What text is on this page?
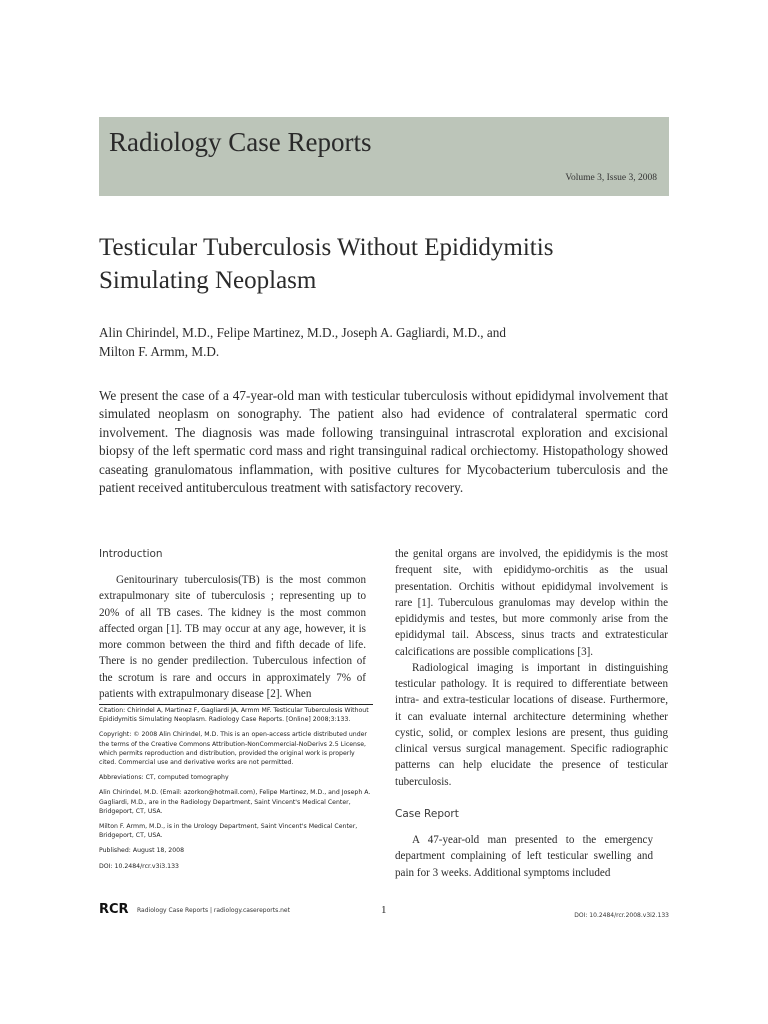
Radiology Case Reports
Volume 3, Issue 3, 2008
Testicular Tuberculosis Without Epididymitis
Simulating Neoplasm
Alin Chirindel, M.D., Felipe Martinez, M.D., Joseph A. Gagliardi, M.D., and
Milton F. Armm, M.D.
We present the case of a 47-year-old man with testicular tuberculosis without epididymal involvement that simulated neoplasm on sonography. The patient also had evidence of contralateral spermatic cord involvement. The diagnosis was made following transinguinal intrascrotal exploration and excisional biopsy of the left spermatic cord mass and right transinguinal radical orchiectomy. Histopathology showed caseating granulomatous inflammation, with positive cultures for Mycobacterium tuberculosis and the patient received antituberculous treatment with satisfactory recovery.
Introduction

Genitourinary tuberculosis(TB) is the most common extrapulmonary site of tuberculosis ; representing up to 20% of all TB cases. The kidney is the most common affected organ [1]. TB may occur at any age, however, it is more common between the third and fifth decade of life. There is no gender predilection. Tuberculous infection of the scrotum is rare and occurs in approximately 7% of patients with extrapulmonary disease [2]. When

Citation: Chirindel A, Martinez F, Gagliardi JA, Armm MF. Testicular Tuberculosis Without Epididymitis Simulating Neoplasm. Radiology Case Reports. [Online] 2008;3:133.

Copyright: © 2008 Alin Chirindel, M.D. This is an open-access article distributed under the terms of the Creative Commons Attribution-NonCommercial-NoDerivs 2.5 License, which permits reproduction and distribution, provided the original work is properly cited. Commercial use and derivative works are not permitted.

Abbreviations: CT, computed tomography

Alin Chirindel, M.D. (Email: azorkon@hotmail.com), Felipe Martinez, M.D., and Joseph A. Gagliardi, M.D., are in the Radiology Department, Saint Vincent's Medical Center, Bridgeport, CT, USA.

Milton F. Armm, M.D., is in the Urology Department, Saint Vincent's Medical Center, Bridgeport, CT, USA.

Published: August 18, 2008

DOI: 10.2484/rcr.v3i3.133

the genital organs are involved, the epididymis is the most frequent site, with epididymo-orchitis as the usual presentation. Orchitis without epididymal involvement is rare [1]. Tuberculous granulomas may develop within the epididymis and testes, but more commonly arise from the epididymal tail. Abscess, sinus tracts and extratesticular calcifications are possible complications [3].

Radiological imaging is important in distinguishing testicular pathology. It is required to differentiate between intra- and extra-testicular locations of disease. Furthermore, it can evaluate internal architecture determining whether cystic, solid, or complex lesions are present, thus guiding clinical versus surgical management. Specific radiographic patterns can help elucidate the presence of testicular tuberculosis.

Case Report

A 47-year-old man presented to the emergency department complaining of left testicular swelling and pain for 3 weeks. Additional symptoms included

RCR Radiology Case Reports | radiology.casereports.net	1	DOI: 10.2484/rcr.2008.v3i2.133
